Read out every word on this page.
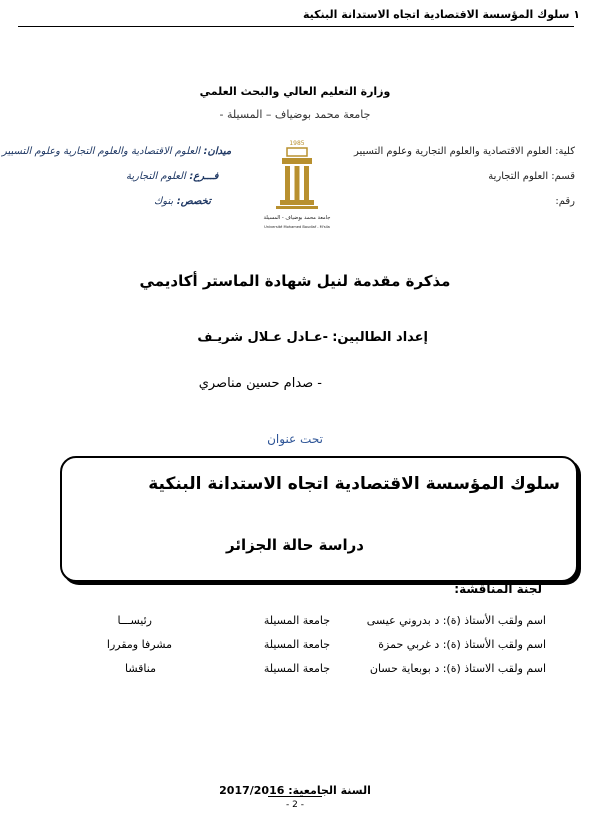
١ سلوك المؤسسة الاقتصادية اتجاه الاستدانة البنكية
وزارة التعليم العالي والبحث العلمي
جامعة محمد بوضياف – المسيلة -
كلية: العلوم الاقتصادية والعلوم التجارية وعلوم التسيير
قسم: العلوم التجارية
رقم:
ميدان: العلوم الاقتصادية والعلوم التجارية وعلوم التسيير
فـــرع: العلوم التجارية
تخصص: بنوك
1985
جامعة محمد بوضياف - المسيلة
Université Mohamed Boudiaf - M'sila
مذكرة مقدمة لنيل شهادة الماستر أكاديمي
إعداد الطالبين: -عـادل عـلال شريـف
- صدام حسين مناصري
تحت عنوان
سلوك المؤسسة الاقتصادية اتجاه الاستدانة البنكية
دراسة حالة الجزائر
لجنة المناقشة:
اسم ولقب الأستاذ (ة): د بدروني عيسى
جامعة المسيلة
رئيســـا
اسم ولقب الأستاذ (ة): د غربي حمزة
جامعة المسيلة
مشرفا ومقررا
اسم ولقب الاستاذ (ة): د بوبعاية حسان
جامعة المسيلة
مناقشا
السنة الجامعية: 2017/2016
- 2 -
